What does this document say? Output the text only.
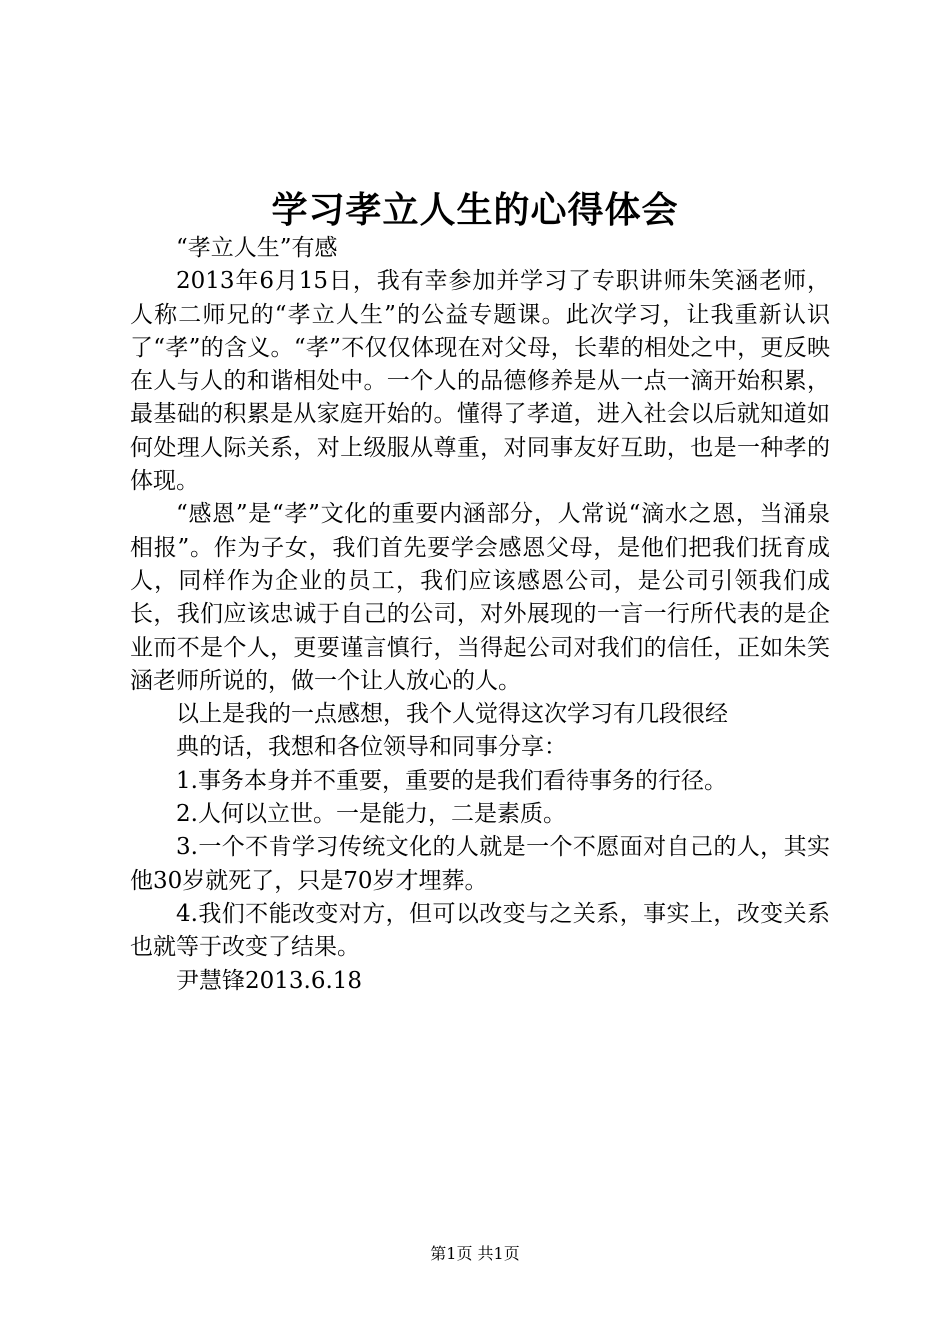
学习孝立人生的心得体会

“孝立人生”有感

2013年6月15日，我有幸参加并学习了专职讲师朱笑涵老师，人称二师兄的“孝立人生”的公益专题课。此次学习，让我重新认识了“孝”的含义。“孝”不仅仅体现在对父母，长辈的相处之中，更反映在人与人的和谐相处中。一个人的品德修养是从一点一滴开始积累，最基础的积累是从家庭开始的。懂得了孝道，进入社会以后就知道如何处理人际关系，对上级服从尊重，对同事友好互助，也是一种孝的体现。

“感恩”是“孝”文化的重要内涵部分，人常说“滴水之恩，当涌泉相报”。作为子女，我们首先要学会感恩父母，是他们把我们抚育成人，同样作为企业的员工，我们应该感恩公司，是公司引领我们成长，我们应该忠诚于自己的公司，对外展现的一言一行所代表的是企业而不是个人，更要谨言慎行，当得起公司对我们的信任，正如朱笑涵老师所说的，做一个让人放心的人。

以上是我的一点感想，我个人觉得这次学习有几段很经

典的话，我想和各位领导和同事分享：

1.事务本身并不重要，重要的是我们看待事务的行径。

2.人何以立世。一是能力，二是素质。

3.一个不肯学习传统文化的人就是一个不愿面对自己的人，其实他30岁就死了，只是70岁才埋葬。

4.我们不能改变对方，但可以改变与之关系，事实上，改变关系也就等于改变了结果。

尹慧锋2013.6.18

第1页 共1页
